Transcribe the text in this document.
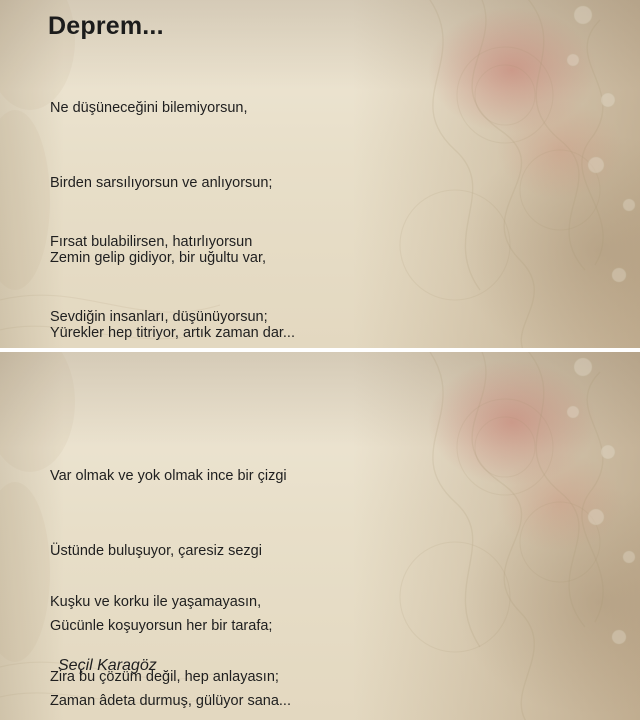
Deprem...

Ne düşüneceğini bilemiyorsun,

Birden sarsılıyorsun ve anlıyorsun;

Zemin gelip gidiyor, bir uğultu var,

Yürekler hep titriyor, artık zaman dar...

Fırsat bulabilirsen, hatırlıyorsun

Sevdiğin insanları, düşünüyorsun;

Var olmak ve yok olmak ince bir çizgi

Üstünde buluşuyor, çaresiz sezgi

Gücünle koşuyorsun her bir tarafa;

Zaman âdeta durmuş, gülüyor sana...

Kuşku ve korku ile yaşamayasın,

Zira bu çözüm değil, hep anlayasın;

Seçil Karagöz
